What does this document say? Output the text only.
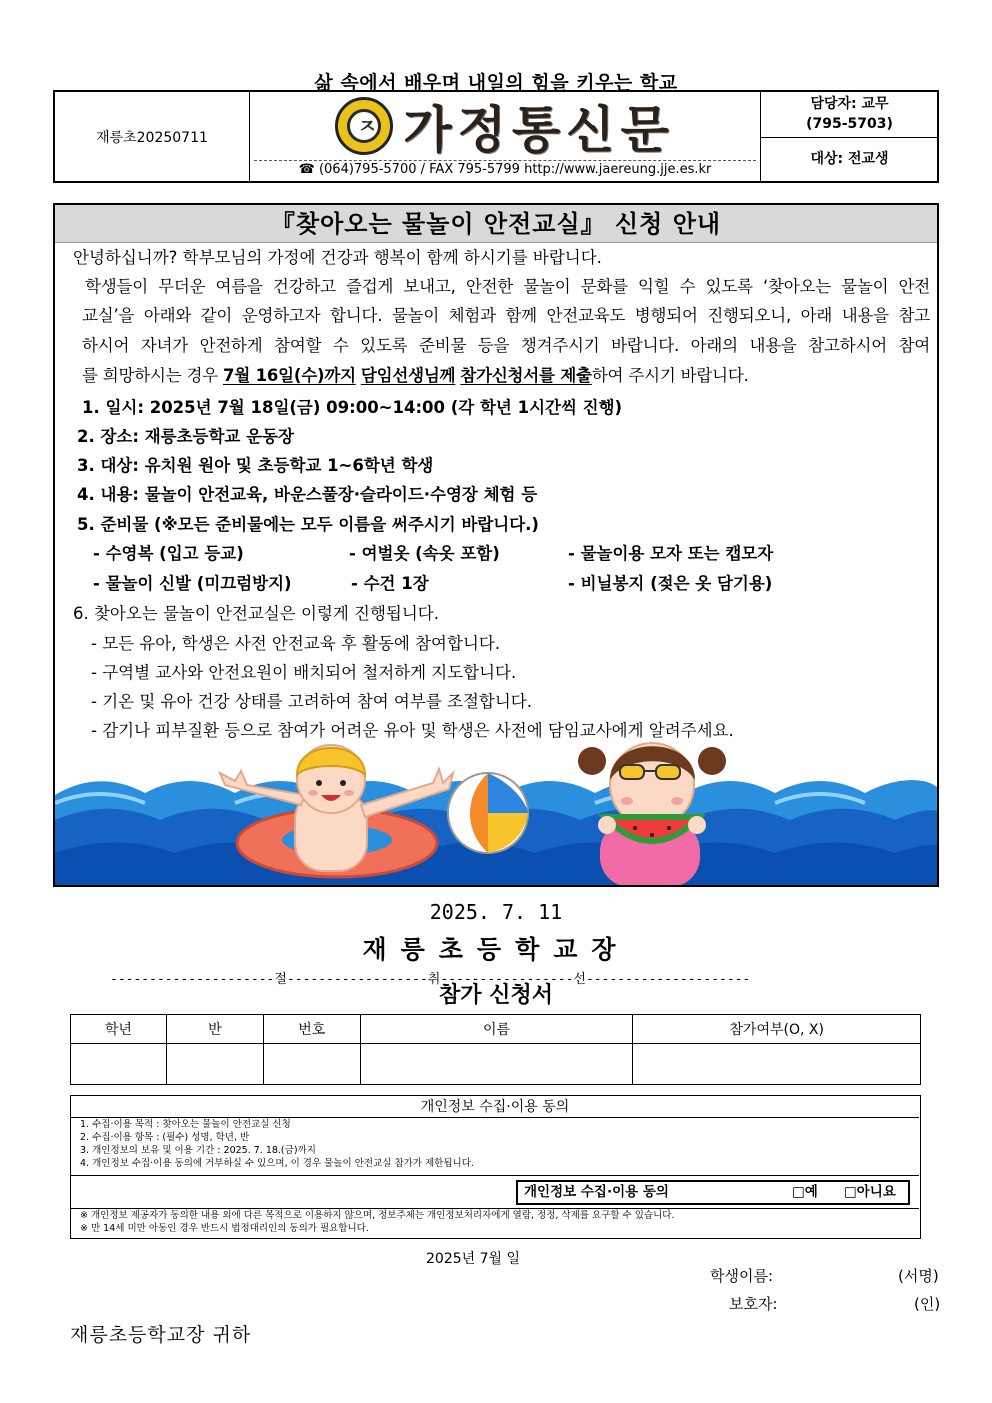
삶 속에서 배우며 내일의 힘을 키우는 학교
재릉초20250711	ㅈ 가정통신문
☎ (064)795-5700 / FAX 795-5799 http://www.jaereung.jje.es.kr
담당자: 교무
(795-5703)
대상: 전교생
『찾아오는 물놀이 안전교실』 신청 안내
안녕하십니까? 학부모님의 가정에 건강과 행복이 함께 하시기를 바랍니다.
학생들이 무더운 여름을 건강하고 즐겁게 보내고, 안전한 물놀이 문화를 익힐 수 있도록 ‘찾아오는 물놀이 안전
교실’을 아래와 같이 운영하고자 합니다. 물놀이 체험과 함께 안전교육도 병행되어 진행되오니, 아래 내용을 참고
하시어 자녀가 안전하게 참여할 수 있도록 준비물 등을 챙겨주시기 바랍니다. 아래의 내용을 참고하시어 참여
를 희망하시는 경우 7월 16일(수)까지 담임선생님께 참가신청서를 제출하여 주시기 바랍니다.
1. 일시: 2025년 7월 18일(금) 09:00~14:00 (각 학년 1시간씩 진행)
2. 장소: 재릉초등학교 운동장
3. 대상: 유치원 원아 및 초등학교 1~6학년 학생
4. 내용: 물놀이 안전교육, 바운스풀장·슬라이드·수영장 체험 등
5. 준비물 (※모든 준비물에는 모두 이름을 써주시기 바랍니다.)
- 수영복 (입고 등교)	- 여벌옷 (속옷 포함)	- 물놀이용 모자 또는 캡모자
- 물놀이 신발 (미끄럼방지)	- 수건 1장	- 비닐봉지 (젖은 옷 담기용)
6. 찾아오는 물놀이 안전교실은 이렇게 진행됩니다.
- 모든 유아, 학생은 사전 안전교육 후 활동에 참여합니다.
- 구역별 교사와 안전요원이 배치되어 철저하게 지도합니다.
- 기온 및 유아 건강 상태를 고려하여 참여 여부를 조절합니다.
- 감기나 피부질환 등으로 참여가 어려운 유아 및 학생은 사전에 담임교사에게 알려주세요.
2025. 7. 11
재릉초등학교장
---------------------절------------------취-----------------선---------------------
참가 신청서
학년	반	번호	이름	참가여부(O, X)

개인정보 수집·이용 동의
1. 수집·이용 목적 : 찾아오는 물놀이 안전교실 신청
2. 수집·이용 항목 : (필수) 성명, 학년, 반
3. 개인정보의 보유 및 이용 기간 : 2025. 7. 18.(금)까지
4. 개인정보 수집·이용 동의에 거부하실 수 있으며, 이 경우 물놀이 안전교실 참가가 제한됩니다.
개인정보 수집·이용 동의	□예 □아니요
※ 개인정보 제공자가 동의한 내용 외에 다른 목적으로 이용하지 않으며, 정보주체는 개인정보처리자에게 열람, 정정, 삭제를 요구할 수 있습니다.
※ 만 14세 미만 아동인 경우 반드시 법정대리인의 동의가 필요합니다.
2025년 7월 일
학생이름:	(서명)
보호자:	(인)
재릉초등학교장 귀하
